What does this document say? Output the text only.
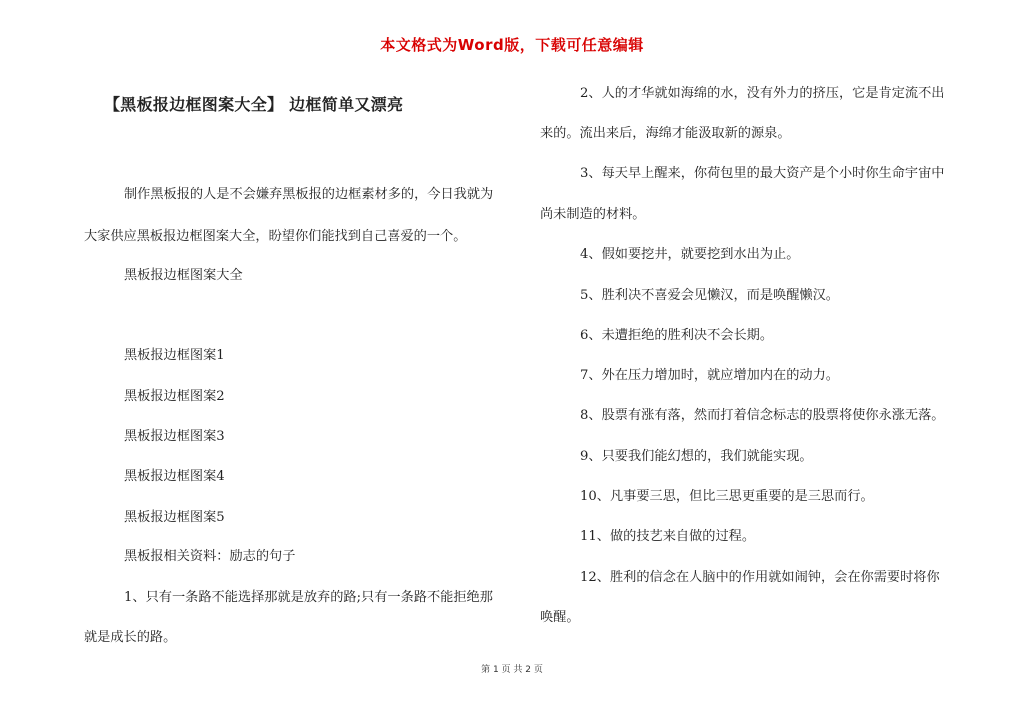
本文格式为Word版，下载可任意编辑
【黑板报边框图案大全】 边框简单又漂亮

制作黑板报的人是不会嫌弃黑板报的边框素材多的，今日我就为

大家供应黑板报边框图案大全，盼望你们能找到自己喜爱的一个。

黑板报边框图案大全

黑板报边框图案1

黑板报边框图案2

黑板报边框图案3

黑板报边框图案4

黑板报边框图案5

黑板报相关资料：励志的句子

1、只有一条路不能选择那就是放弃的路;只有一条路不能拒绝那

就是成长的路。

2、人的才华就如海绵的水，没有外力的挤压，它是肯定流不出

来的。流出来后，海绵才能汲取新的源泉。

3、每天早上醒来，你荷包里的最大资产是个小时你生命宇宙中

尚未制造的材料。

4、假如要挖井，就要挖到水出为止。

5、胜利决不喜爱会见懒汉，而是唤醒懒汉。

6、未遭拒绝的胜利决不会长期。

7、外在压力增加时，就应增加内在的动力。

8、股票有涨有落，然而打着信念标志的股票将使你永涨无落。

9、只要我们能幻想的，我们就能实现。

10、凡事要三思，但比三思更重要的是三思而行。

11、做的技艺来自做的过程。

12、胜利的信念在人脑中的作用就如闹钟，会在你需要时将你

唤醒。

第 1 页 共 2 页
